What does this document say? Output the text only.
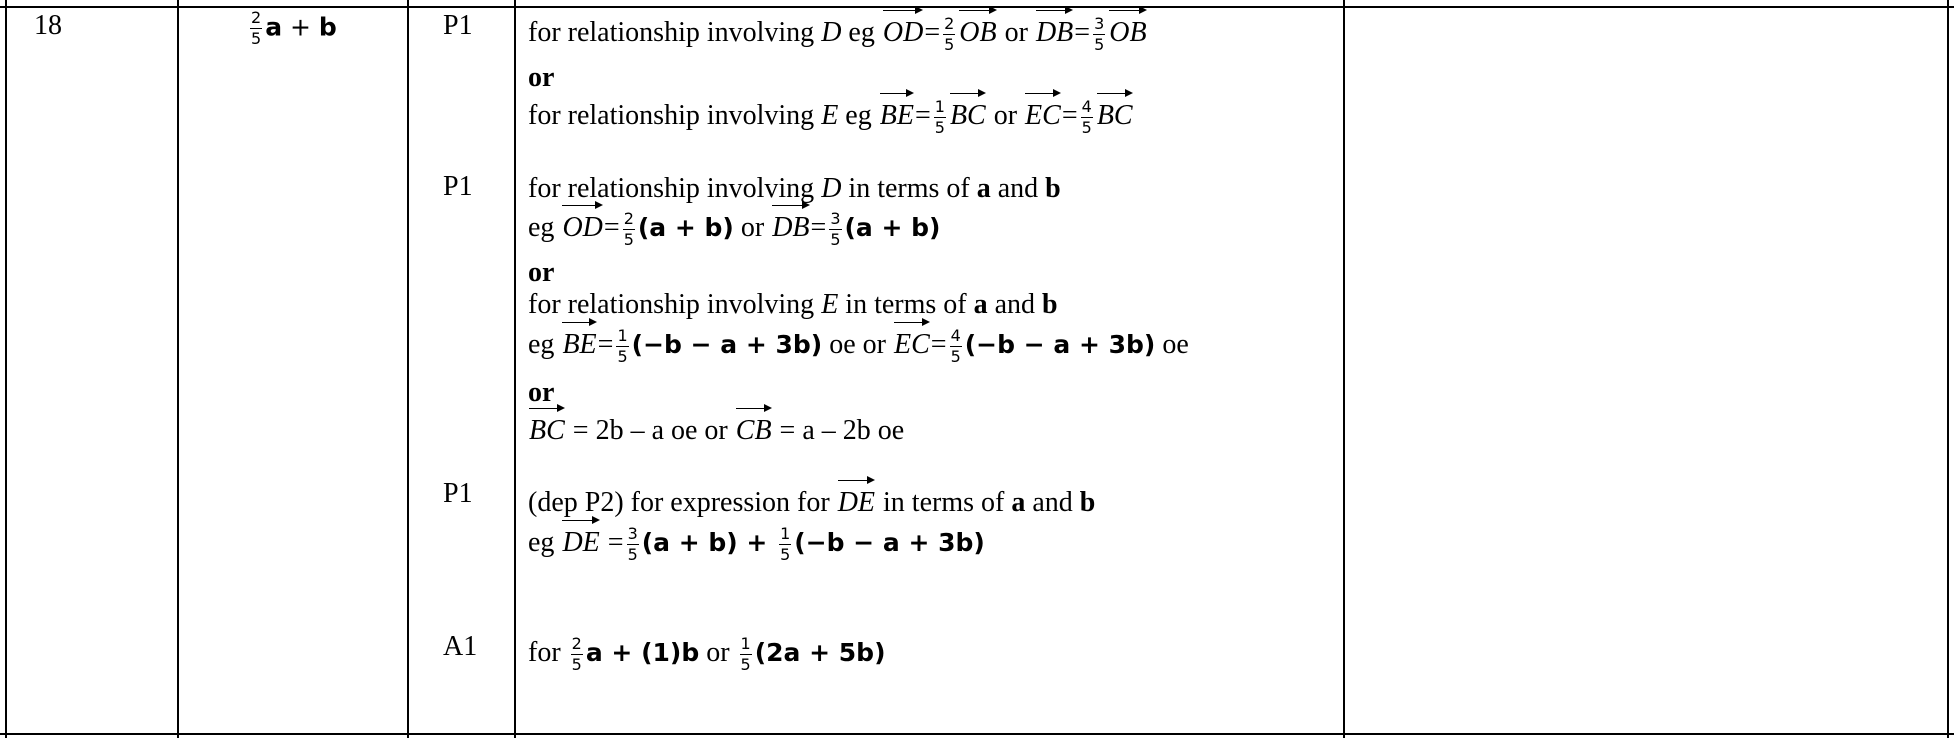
18	$\frac{2}{5}$ a + b	P1
P1
P1
A1
for relationship involving D eg $OD= \frac{2}{5}$ OB or $DB= \frac{3}{5}$ OB
or
for relationship involving E eg $BE= \frac{1}{5}$ BC or $EC= \frac{4}{5}$ BC
for relationship involving D in terms of a and b
eg $OD= \frac{2}{5} (a + b)$ or $DB= \frac{3}{5} (a + b)$
or
for relationship involving E in terms of a and b
eg $BE= \frac{1}{5} (-b - a + 3b)$ oe or $EC= \frac{4}{5} (-b - a + 3b)$ oe
or
BC = 2b – a oe or CB = a – 2b oe
(dep P2) for expression for DE in terms of a and b
eg DE = $\frac{3}{5} (a + b) + \frac{1}{5} (-b - a + 3b)$
for $\frac{2}{5}$ a + (1)b or $\frac{1}{5} (2a + 5b)$
